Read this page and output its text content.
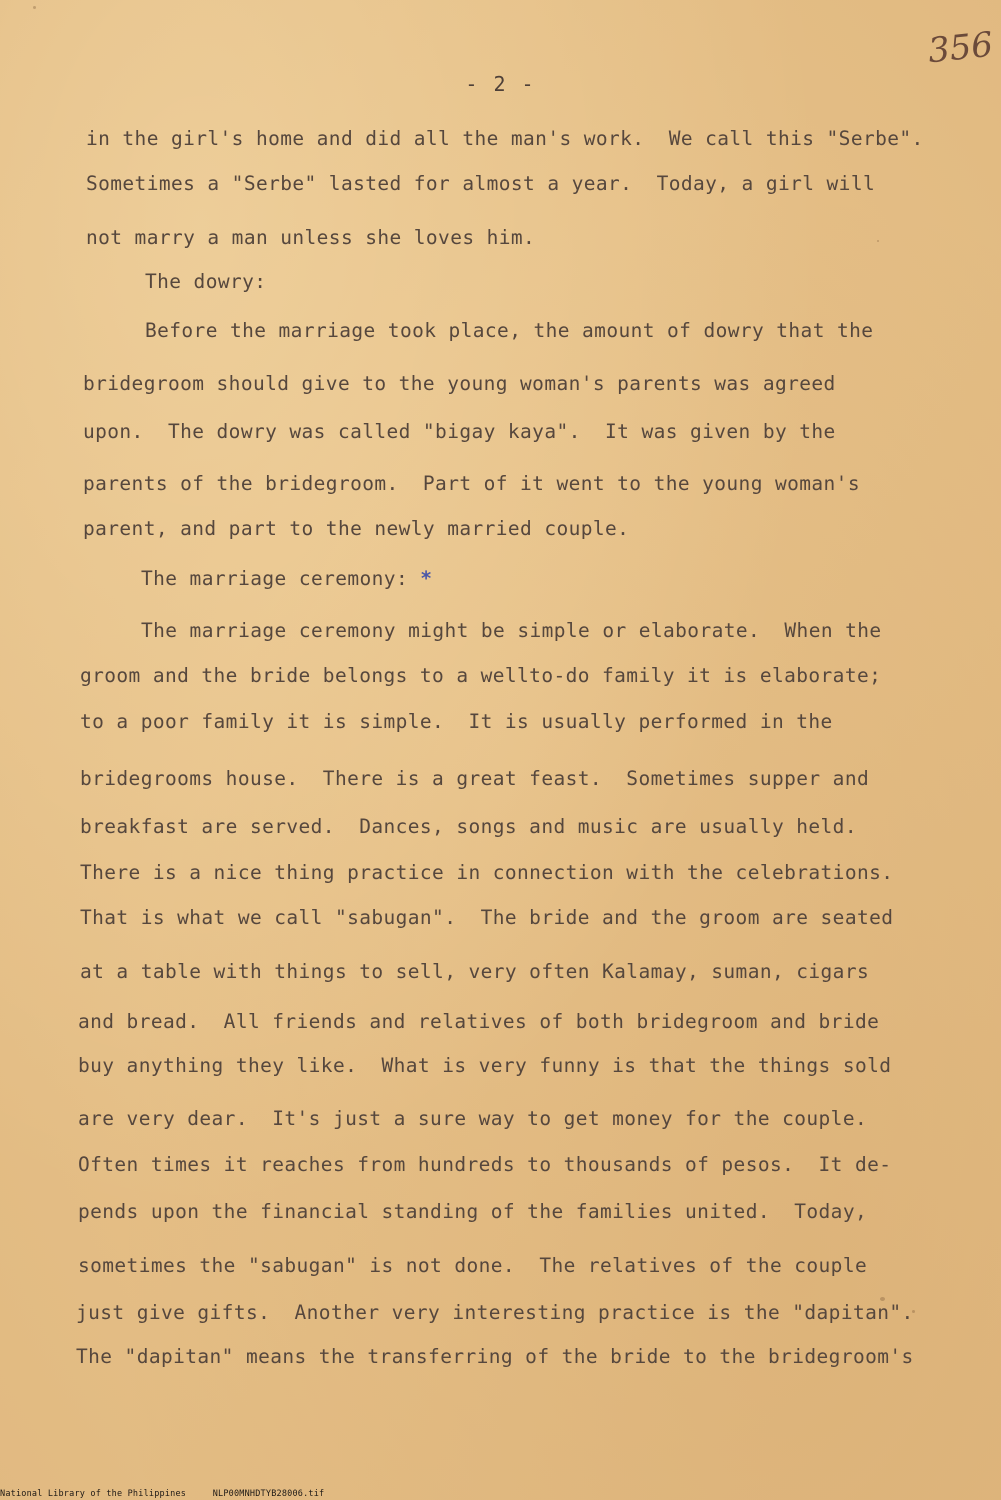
356
- 2 -
in the girl's home and did all the man's work.  We call this "Serbe".
Sometimes a "Serbe" lasted for almost a year.  Today, a girl will
not marry a man unless she loves him.
The dowry:
Before the marriage took place, the amount of dowry that the
bridegroom should give to the young woman's parents was agreed
upon.  The dowry was called "bigay kaya".  It was given by the
parents of the bridegroom.  Part of it went to the young woman's
parent, and part to the newly married couple.
The marriage ceremony: *
The marriage ceremony might be simple or elaborate.  When the
groom and the bride belongs to a wellto-do family it is elaborate;
to a poor family it is simple.  It is usually performed in the
bridegrooms house.  There is a great feast.  Sometimes supper and
breakfast are served.  Dances, songs and music are usually held.
There is a nice thing practice in connection with the celebrations.
That is what we call "sabugan".  The bride and the groom are seated
at a table with things to sell, very often Kalamay, suman, cigars
and bread.  All friends and relatives of both bridegroom and bride
buy anything they like.  What is very funny is that the things sold
are very dear.  It's just a sure way to get money for the couple.
Often times it reaches from hundreds to thousands of pesos.  It de-
pends upon the financial standing of the families united.  Today,
sometimes the "sabugan" is not done.  The relatives of the couple
just give gifts.  Another very interesting practice is the "dapitan".
The "dapitan" means the transferring of the bride to the bridegroom's
National Library of the Philippines     NLP00MNHDTYB28006.tif
